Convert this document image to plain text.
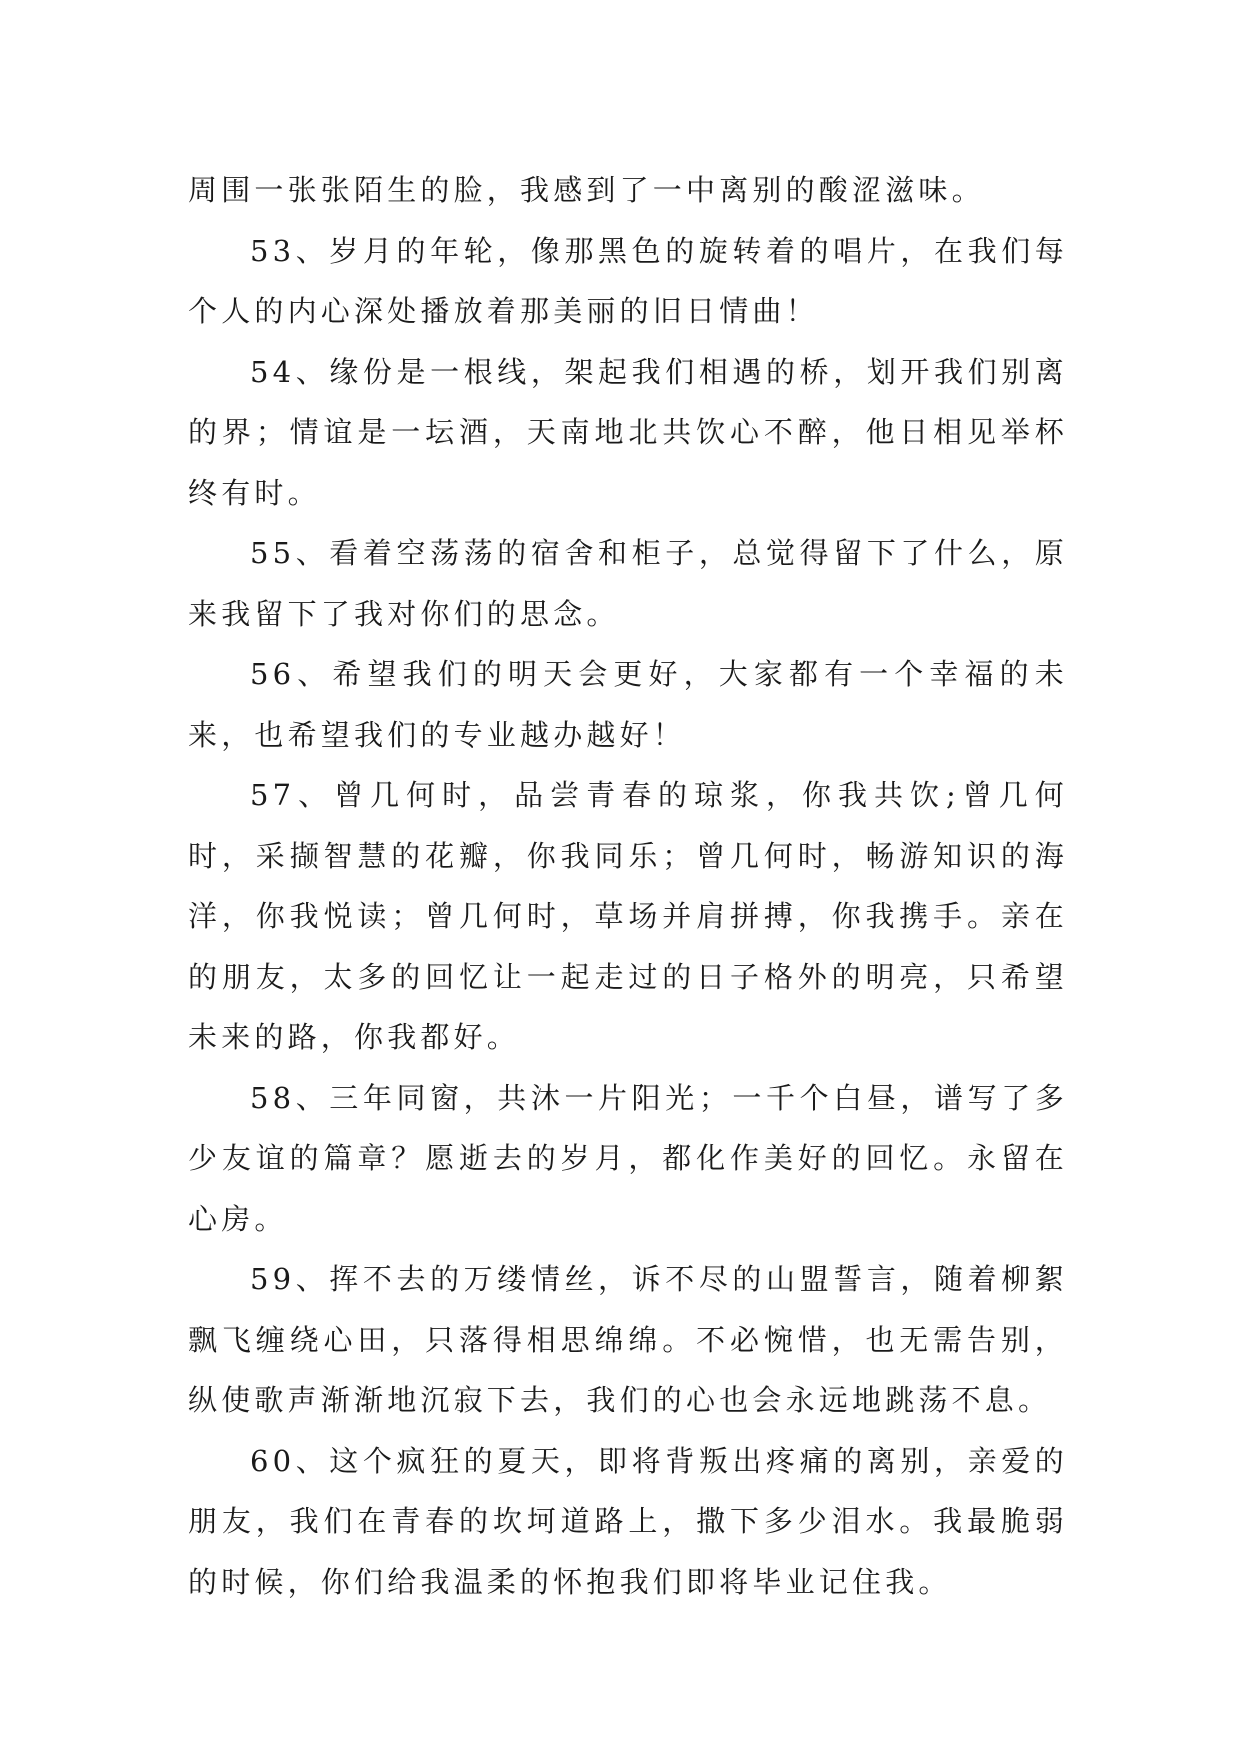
周围一张张陌生的脸，我感到了一中离别的酸涩滋味。

53、岁月的年轮，像那黑色的旋转着的唱片，在我们每个人的内心深处播放着那美丽的旧日情曲！

54、缘份是一根线，架起我们相遇的桥，划开我们别离的界；情谊是一坛酒，天南地北共饮心不醉，他日相见举杯终有时。

55、看着空荡荡的宿舍和柜子，总觉得留下了什么，原来我留下了我对你们的思念。

56、希望我们的明天会更好，大家都有一个幸福的未来，也希望我们的专业越办越好！

57、曾几何时，品尝青春的琼浆，你我共饮;曾几何时，采撷智慧的花瓣，你我同乐；曾几何时，畅游知识的海洋，你我悦读；曾几何时，草场并肩拼搏，你我携手。亲在的朋友，太多的回忆让一起走过的日子格外的明亮，只希望未来的路，你我都好。

58、三年同窗，共沐一片阳光；一千个白昼，谱写了多少友谊的篇章？愿逝去的岁月，都化作美好的回忆。永留在心房。

59、挥不去的万缕情丝，诉不尽的山盟誓言，随着柳絮飘飞缠绕心田，只落得相思绵绵。不必惋惜，也无需告别，纵使歌声渐渐地沉寂下去，我们的心也会永远地跳荡不息。

60、这个疯狂的夏天，即将背叛出疼痛的离别，亲爱的朋友，我们在青春的坎坷道路上，撒下多少泪水。我最脆弱的时候，你们给我温柔的怀抱我们即将毕业记住我。
